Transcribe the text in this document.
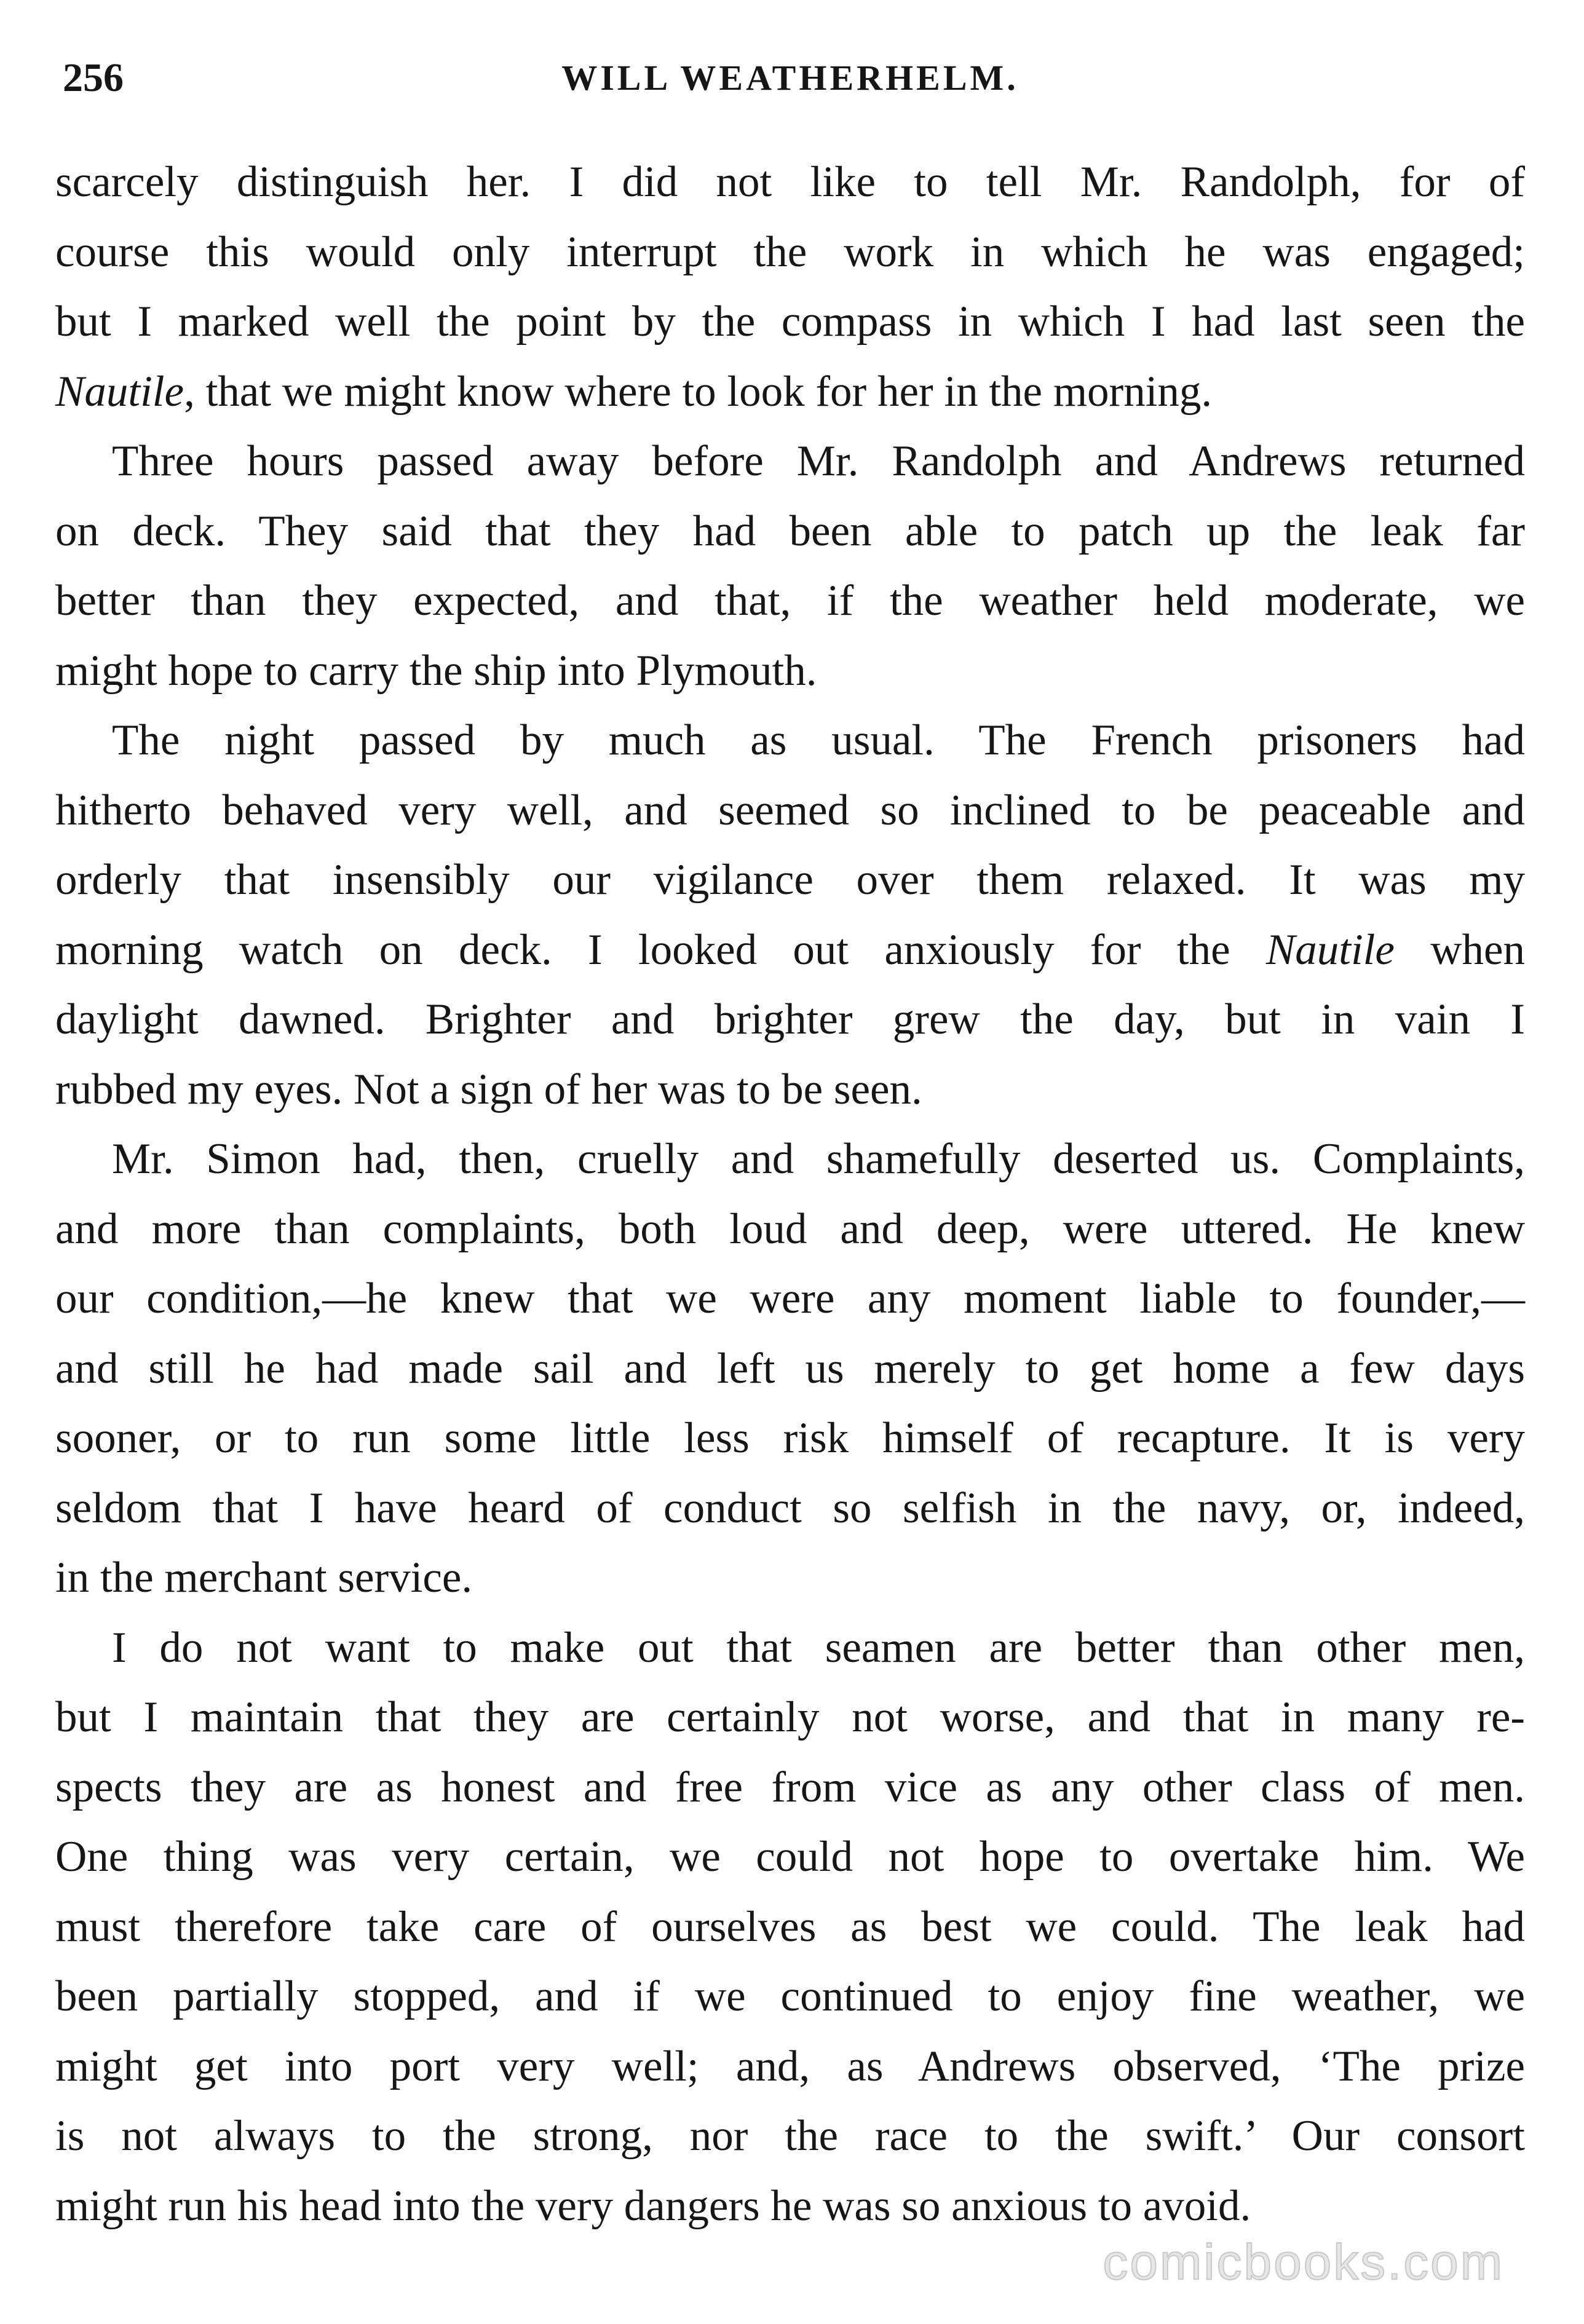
256	WILL WEATHERHELM.
scarcely distinguish her. I did not like to tell Mr. Randolph, for of
course this would only interrupt the work in which he was engaged;
but I marked well the point by the compass in which I had last seen the
Nautile, that we might know where to look for her in the morning.
Three hours passed away before Mr. Randolph and Andrews returned
on deck. They said that they had been able to patch up the leak far
better than they expected, and that, if the weather held moderate, we
might hope to carry the ship into Plymouth.
The night passed by much as usual. The French prisoners had
hitherto behaved very well, and seemed so inclined to be peaceable and
orderly that insensibly our vigilance over them relaxed. It was my
morning watch on deck. I looked out anxiously for the Nautile when
daylight dawned. Brighter and brighter grew the day, but in vain I
rubbed my eyes. Not a sign of her was to be seen.
Mr. Simon had, then, cruelly and shamefully deserted us. Complaints,
and more than complaints, both loud and deep, were uttered. He knew
our condition,—he knew that we were any moment liable to founder,—
and still he had made sail and left us merely to get home a few days
sooner, or to run some little less risk himself of recapture. It is very
seldom that I have heard of conduct so selfish in the navy, or, indeed,
in the merchant service.
I do not want to make out that seamen are better than other men,
but I maintain that they are certainly not worse, and that in many re-
spects they are as honest and free from vice as any other class of men.
One thing was very certain, we could not hope to overtake him. We
must therefore take care of ourselves as best we could. The leak had
been partially stopped, and if we continued to enjoy fine weather, we
might get into port very well; and, as Andrews observed, ‘The prize
is not always to the strong, nor the race to the swift.’ Our consort
might run his head into the very dangers he was so anxious to avoid.
comicbooks.com
